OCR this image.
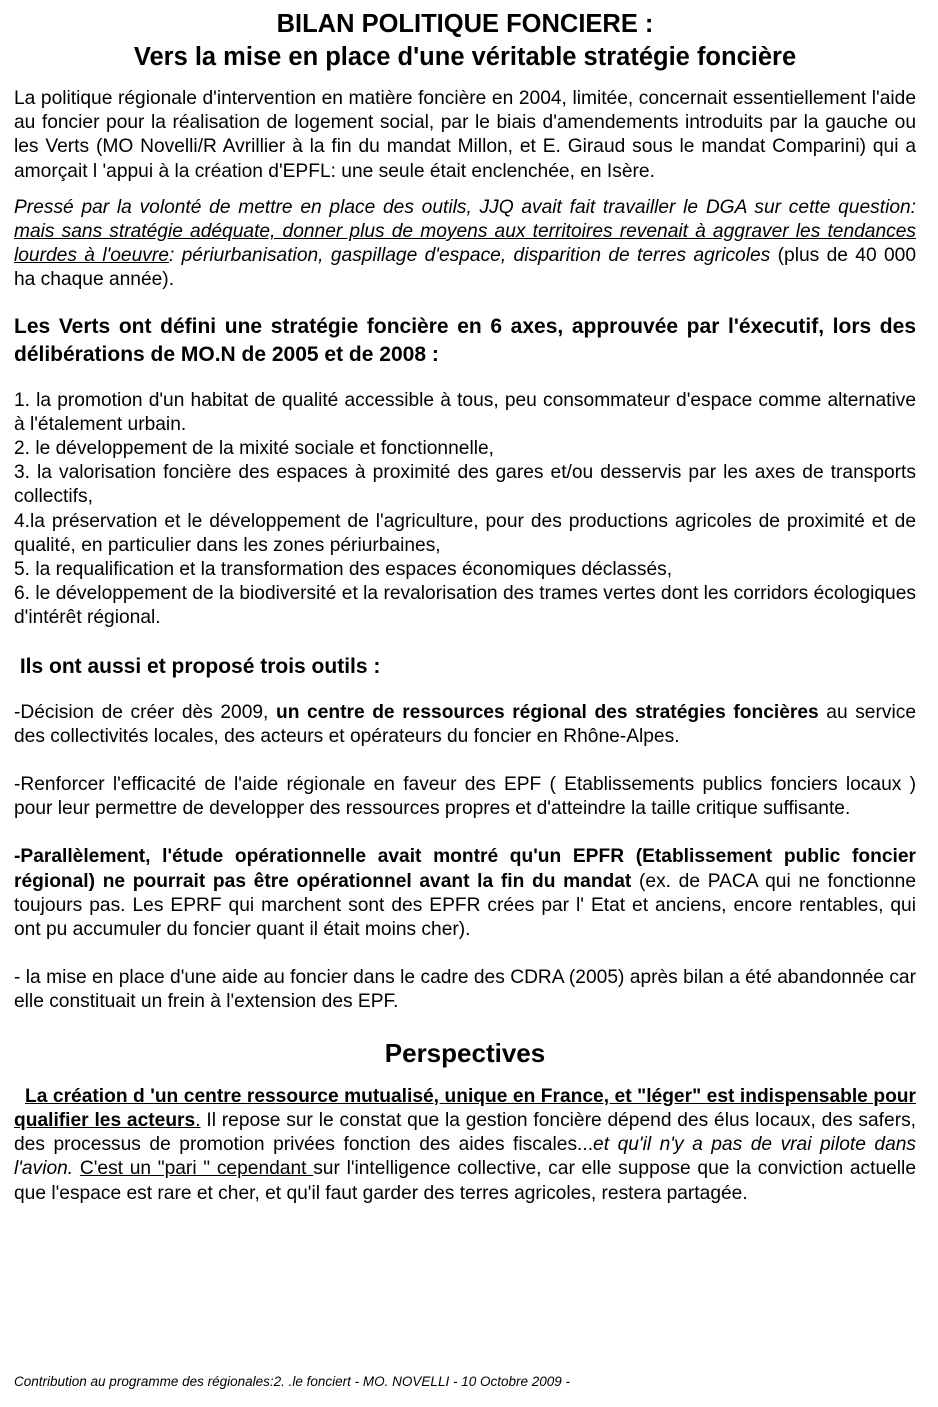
BILAN POLITIQUE FONCIERE :
Vers la mise en place d'une véritable stratégie foncière

La politique régionale d'intervention en matière foncière en 2004, limitée, concernait essentiellement l'aide au foncier pour la réalisation de logement social, par le biais d'amendements introduits par la gauche ou les Verts (MO Novelli/R Avrillier à la fin du mandat Millon, et E. Giraud sous le mandat Comparini) qui a amorçait l 'appui à la création d'EPFL: une seule était enclenchée, en Isère.

Pressé par la volonté de mettre en place des outils, JJQ avait fait travailler le DGA sur cette question: mais sans stratégie adéquate, donner plus de moyens aux territoires revenait à aggraver les tendances lourdes à l'oeuvre: périurbanisation, gaspillage d'espace, disparition de terres agricoles (plus de 40 000 ha chaque année).

Les Verts ont défini une stratégie foncière en 6 axes, approuvée par l'éxecutif, lors des délibérations de MO.N de 2005 et de 2008 :

1. la promotion d'un habitat de qualité accessible à tous, peu consommateur d'espace comme alternative à l'étalement urbain.
2. le développement de la mixité sociale et fonctionnelle,
3. la valorisation foncière des espaces à proximité des gares et/ou desservis par les axes de transports collectifs,
4.la préservation et le développement de l'agriculture, pour des productions agricoles de proximité et de qualité, en particulier dans les zones périurbaines,
5. la requalification et la transformation des espaces économiques déclassés,
6. le développement de la biodiversité et la revalorisation des trames vertes dont les corridors écologiques d'intérêt régional.

Ils ont aussi et proposé trois outils :

-Décision de créer dès 2009, un centre de ressources régional des stratégies foncières au service des collectivités locales, des acteurs et opérateurs du foncier en Rhône-Alpes.

-Renforcer l'efficacité de l'aide régionale en faveur des EPF ( Etablissements publics fonciers locaux ) pour leur permettre de developper des ressources propres et d'atteindre la taille critique suffisante.

-Parallèlement, l'étude opérationnelle avait montré qu'un EPFR (Etablissement public foncier régional) ne pourrait pas être opérationnel avant la fin du mandat (ex. de PACA qui ne fonctionne toujours pas. Les EPRF qui marchent sont des EPFR crées par l' Etat et anciens, encore rentables, qui ont pu accumuler du foncier quant il était moins cher).

- la mise en place d'une aide au foncier dans le cadre des CDRA (2005) après bilan a été abandonnée car elle constituait un frein à l'extension des EPF.

Perspectives

La création d 'un centre ressource mutualisé, unique en France, et "léger" est indispensable pour qualifier les acteurs. Il repose sur le constat que la gestion foncière dépend des élus locaux, des safers, des processus de promotion privées fonction des aides fiscales...et qu'il n'y a pas de vrai pilote dans l'avion. C'est un "pari " cependant sur l'intelligence collective, car elle suppose que la conviction actuelle que l'espace est rare et cher, et qu'il faut garder des terres agricoles, restera partagée.

Contribution au programme des régionales:2. .le fonciert - MO. NOVELLI - 10 Octobre 2009 -
